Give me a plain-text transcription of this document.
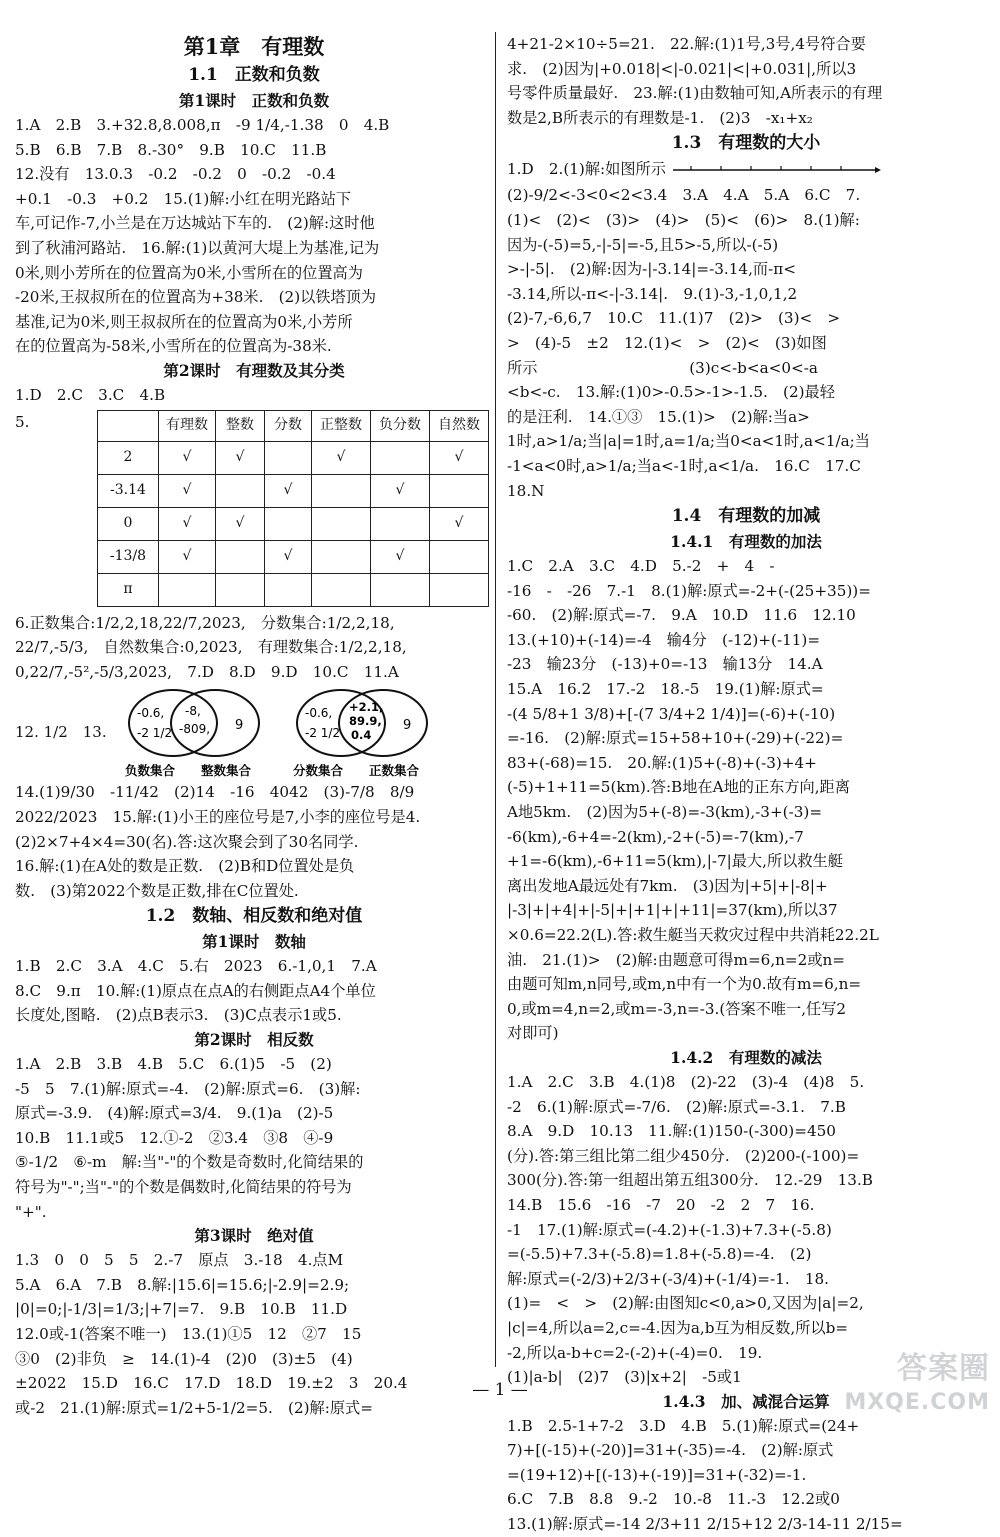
第1章　有理数
1.1　正数和负数
第1课时　正数和负数
1.A　2.B　3.+32.8,8.008,π　-9 1/4,-1.38　0　4.B
5.B　6.B　7.B　8.-30°　9.B　10.C　11.B
12.没有　13.0.3　-0.2　-0.2　0　-0.2　-0.4
+0.1　-0.3　+0.2　15.(1)解:小红在明光路站下
车,可记作-7,小兰是在万达城站下车的.　(2)解:这时他
到了秋浦河路站.　16.解:(1)以黄河大堤上为基准,记为
0米,则小芳所在的位置高为0米,小雪所在的位置高为
-20米,王叔叔所在的位置高为+38米.　(2)以铁塔顶为
基准,记为0米,则王叔叔所在的位置高为0米,小芳所
在的位置高为-58米,小雪所在的位置高为-38米.
第2课时　有理数及其分类
1.D　2.C　3.C　4.B
5.
		有理数	整数	分数	正整数	负分数	自然数
2	√	√		√		√
-3.14	√		√		√	
0	√	√				√
-13/8	√		√		√	
π						
6.正数集合:1/2,2,18,22/7,2023,　分数集合:1/2,2,18,
22/7,-5/3,　自然数集合:0,2023,　有理数集合:1/2,2,18,
0,22/7,-5²,-5/3,2023,　7.D　8.D　9.D　10.C　11.A
12. 1/2　13.
-0.6,
-2 1/2
-8,
-809, 9
负数集合 整数集合
-0.6,
-2 1/2
+2.1,
89.9,
0.4
9
分数集合 正数集合
14.(1)9/30　-11/42　(2)14　-16　4042　(3)-7/8　8/9
2022/2023　15.解:(1)小王的座位号是7,小李的座位号是4.
(2)2×7+4×4=30(名).答:这次聚会到了30名同学.
16.解:(1)在A处的数是正数.　(2)B和D位置处是负
数.　(3)第2022个数是正数,排在C位置处.
1.2　数轴、相反数和绝对值
第1课时　数轴
1.B　2.C　3.A　4.C　5.右　2023　6.-1,0,1　7.A
8.C　9.π　10.解:(1)原点在点A的右侧距点A4个单位
长度处,图略.　(2)点B表示3.　(3)C点表示1或5.
第2课时　相反数
1.A　2.B　3.B　4.B　5.C　6.(1)5　-5　(2)
-5　5　7.(1)解:原式=-4.　(2)解:原式=6.　(3)解:
原式=-3.9.　(4)解:原式=3/4.　9.(1)a　(2)-5
10.B　11.1或5　12.①-2　②3.4　③8　④-9
⑤-1/2　⑥-m　解:当"-"的个数是奇数时,化简结果的
符号为"-";当"-"的个数是偶数时,化简结果的符号为
"+".
第3课时　绝对值
1.3　0　0　5　5　2.-7　原点　3.-18　4.点M
5.A　6.A　7.B　8.解:|15.6|=15.6;|-2.9|=2.9;
|0|=0;|-1/3|=1/3;|+7|=7.　9.B　10.B　11.D
12.0或-1(答案不唯一)　13.(1)①5　12　②7　15
③0　(2)非负　≥　14.(1)-4　(2)0　(3)±5　(4)
±2022　15.D　16.C　17.D　18.D　19.±2　3　20.4
或-2　21.(1)解:原式=1/2+5-1/2=5.　(2)解:原式=
4+21-2×10÷5=21.　22.解:(1)1号,3号,4号符合要
求.　(2)因为|+0.018|<|-0.021|<|+0.031|,所以3
号零件质量最好.　23.解:(1)由数轴可知,A所表示的有理
数是2,B所表示的有理数是-1.　(2)3　-x₁+x₂
1.3　有理数的大小
1.D　2.(1)解:如图所示
(2)-9/2<-3<0<2<3.4　3.A　4.A　5.A　6.C　7.
(1)<　(2)<　(3)>　(4)>　(5)<　(6)>　8.(1)解:
因为-(-5)=5,-|-5|=-5,且5>-5,所以-(-5)
>-|-5|.　(2)解:因为-|-3.14|=-3.14,而-π<
-3.14,所以-π<-|-3.14|.　9.(1)-3,-1,0,1,2
(2)-7,-6,6,7　10.C　11.(1)7　(2)>　(3)<　>
>　(4)-5　±2　12.(1)<　>　(2)<　(3)如图
所示　　　　　　　　　　(3)c<-b<a<0<-a
<b<-c.　13.解:(1)0>-0.5>-1>-1.5.　(2)最轻
的是汪利.　14.①③　15.(1)>　(2)解:当a>
1时,a>1/a;当|a|=1时,a=1/a;当0<a<1时,a<1/a;当
-1<a<0时,a>1/a;当a<-1时,a<1/a.　16.C　17.C
18.N
1.4　有理数的加减
1.4.1　有理数的加法
1.C　2.A　3.C　4.D　5.-2　+　4　-
-16　-　-26　7.-1　8.(1)解:原式=-2+(-(25+35))=
-60.　(2)解:原式=-7.　9.A　10.D　11.6　12.10
13.(+10)+(-14)=-4　输4分　(-12)+(-11)=
-23　输23分　(-13)+0=-13　输13分　14.A
15.A　16.2　17.-2　18.-5　19.(1)解:原式=
-(4 5/8+1 3/8)+[-(7 3/4+2 1/4)]=(-6)+(-10)
=-16.　(2)解:原式=15+58+10+(-29)+(-22)=
83+(-68)=15.　20.解:(1)5+(-8)+(-3)+4+
(-5)+1+11=5(km).答:B地在A地的正东方向,距离
A地5km.　(2)因为5+(-8)=-3(km),-3+(-3)=
-6(km),-6+4=-2(km),-2+(-5)=-7(km),-7
+1=-6(km),-6+11=5(km),|-7|最大,所以救生艇
离出发地A最远处有7km.　(3)因为|+5|+|-8|+
|-3|+|+4|+|-5|+|+1|+|+11|=37(km),所以37
×0.6=22.2(L).答:救生艇当天救灾过程中共消耗22.2L
油.　21.(1)>　(2)解:由题意可得m=6,n=2或n=
由题可知m,n同号,或m,n中有一个为0.故有m=6,n=
0,或m=4,n=2,或m=-3,n=-3.(答案不唯一,任写2
对即可)
1.4.2　有理数的减法
1.A　2.C　3.B　4.(1)8　(2)-22　(3)-4　(4)8　5.
-2　6.(1)解:原式=-7/6.　(2)解:原式=-3.1.　7.B
8.A　9.D　10.13　11.解:(1)150-(-300)=450
(分).答:第三组比第二组少450分.　(2)200-(-100)=
300(分).答:第一组超出第五组300分.　12.-29　13.B
14.B　15.6　-16　-7　20　-2　2　7　16.
-1　17.(1)解:原式=(-4.2)+(-1.3)+7.3+(-5.8)
=(-5.5)+7.3+(-5.8)=1.8+(-5.8)=-4.　(2)
解:原式=(-2/3)+2/3+(-3/4)+(-1/4)=-1.　18.
(1)=　<　>　(2)解:由图知c<0,a>0,又因为|a|=2,
|c|=4,所以a=2,c=-4.因为a,b互为相反数,所以b=
-2,所以a-b+c=2-(-2)+(-4)=0.　19.
(1)|a-b|　(2)7　(3)|x+2|　-5或1
1.4.3　加、减混合运算
1.B　2.5-1+7-2　3.D　4.B　5.(1)解:原式=(24+
7)+[(-15)+(-20)]=31+(-35)=-4.　(2)解:原式
=(19+12)+[(-13)+(-19)]=31+(-32)=-1.
6.C　7.B　8.8　9.-2　10.-8　11.-3　12.2或0
13.(1)解:原式=-14 2/3+11 2/15+12 2/3-14-11 2/15=
— 1 —
答案圈
MXQE.COM
